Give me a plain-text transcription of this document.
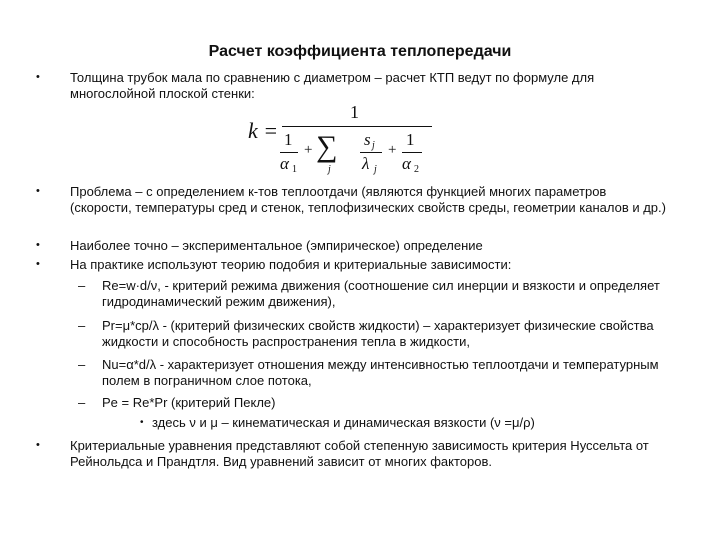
Расчет коэффициента теплопередачи
• Толщина трубок мала по сравнению с диаметром – расчет КТП ведут по формуле для многослойной плоской стенки:
k =
1
1
α 1
+ ∑
j
s j
λ j
+
1
α 2
• Проблема – с определением к-тов теплоотдачи (являются функцией многих параметров (скорости, температуры сред и стенок, теплофизических свойств среды, геометрии каналов и др.)
• Наиболее точно – экспериментальное (эмпирическое) определение
• На практике используют теорию подобия и критериальные зависимости:
– Re=w·d/ν, - критерий режима движения (соотношение сил инерции и вязкости и определяет гидродинамический режим движения),
– Pr=μ*cp/λ - (критерий физических свойств жидкости) – характеризует физические свойства жидкости и способность распространения тепла в жидкости,
– Nu=α*d/λ - характеризует отношения между интенсивностью теплоотдачи и температурным полем в пограничном слое потока,
– Pe = Re*Pr (критерий Пекле)
• здесь ν и μ – кинематическая и динамическая вязкости (ν =μ/ρ)
• Критериальные уравнения представляют собой степенную зависимость критерия Нуссельта от Рейнольдса и Прандтля. Вид уравнений зависит от многих факторов.
